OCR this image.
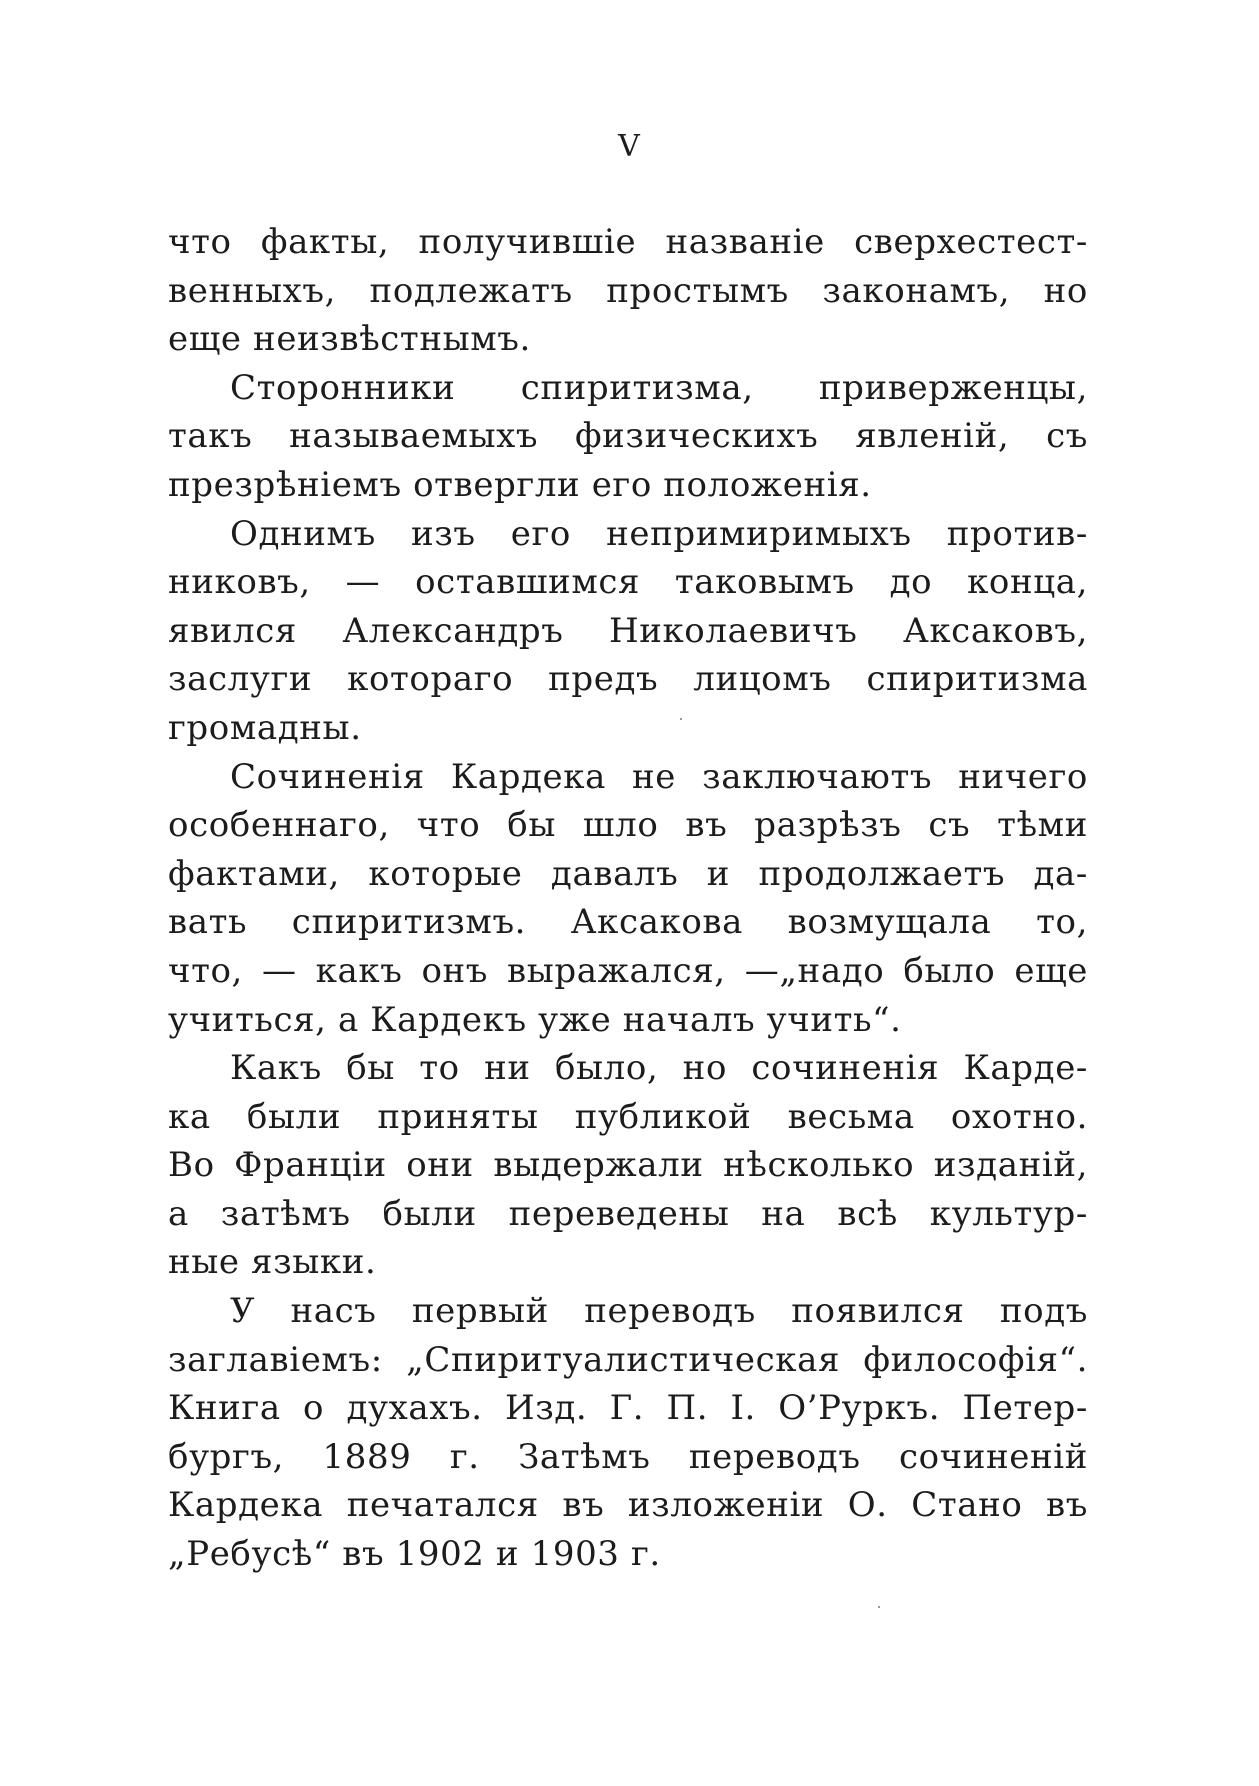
V
что факты, получившіе названіе сверхестест-
венныхъ, подлежатъ простымъ законамъ, но
еще неизвѣстнымъ.
Сторонники спиритизма, приверженцы,
такъ называемыхъ физическихъ явленій, съ
презрѣніемъ отвергли его положенія.
Однимъ изъ его непримиримыхъ против-
никовъ, — оставшимся таковымъ до конца,
явился Александръ Николаевичъ Аксаковъ,
заслуги котораго предъ лицомъ спиритизма
громадны.
Сочиненія Кардека не заключаютъ ничего
особеннаго, что бы шло въ разрѣзъ съ тѣми
фактами, которые давалъ и продолжаетъ да-
вать спиритизмъ. Аксакова возмущала то,
что, — какъ онъ выражался, —„надо было еще
учиться, а Кардекъ уже началъ учить“.
Какъ бы то ни было, но сочиненія Карде-
ка были приняты публикой весьма охотно.
Во Франціи они выдержали нѣсколько изданій,
а затѣмъ были переведены на всѣ культур-
ные языки.
У насъ первый переводъ появился подъ
заглавіемъ: „Спиритуалистическая философія“.
Книга о духахъ. Изд. Г. П. І. О’Руркъ. Петер-
бургъ, 1889 г. Затѣмъ переводъ сочиненій
Кардека печатался въ изложеніи О. Стано въ
„Ребусѣ“ въ 1902 и 1903 г.
